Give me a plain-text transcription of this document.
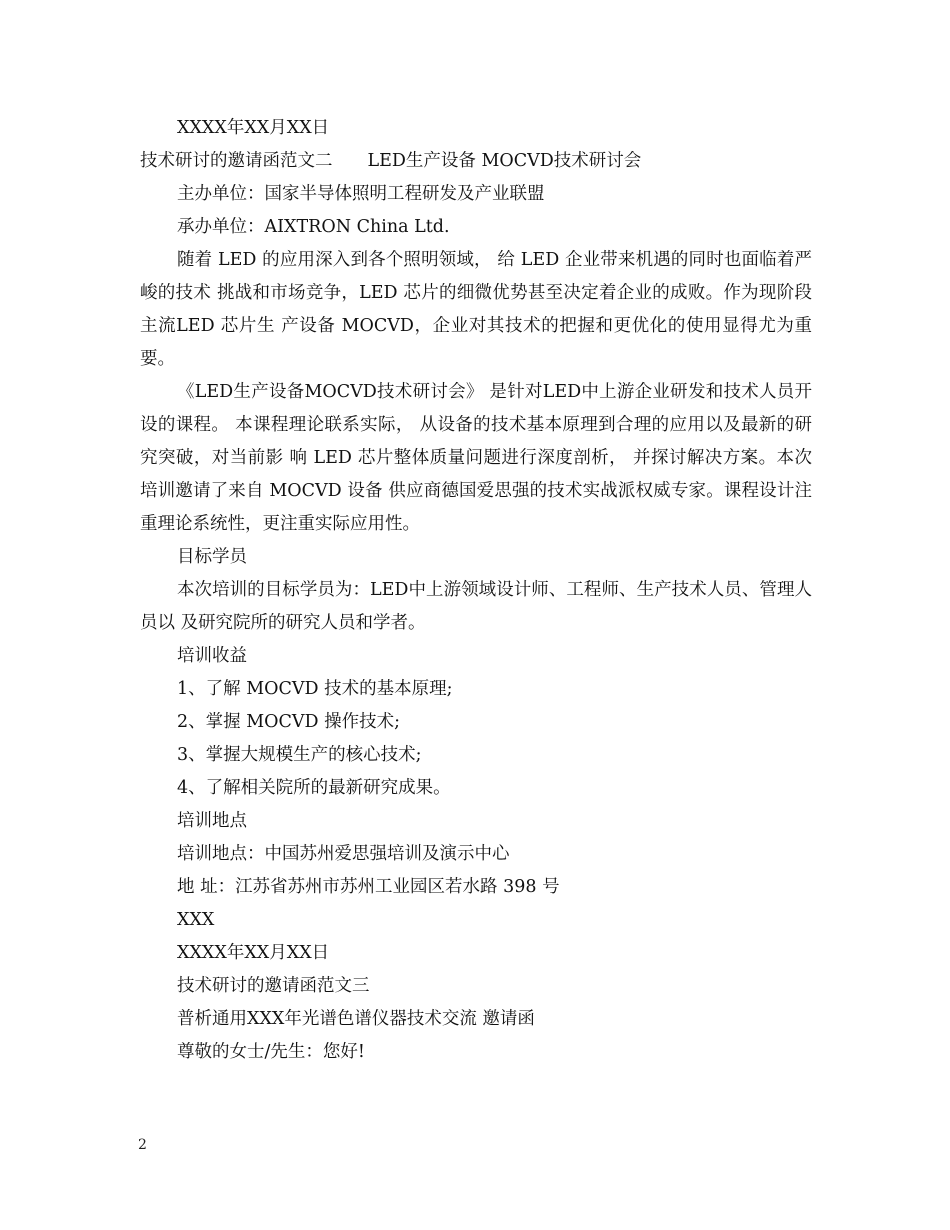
XXXX年XX月XX日

技术研讨的邀请函范文二　　LED生产设备 MOCVD技术研讨会

主办单位：国家半导体照明工程研发及产业联盟

承办单位：AIXTRON China Ltd.

随着 LED 的应用深入到各个照明领域， 给 LED 企业带来机遇的同时也面临着严峻的技术 挑战和市场竞争，LED 芯片的细微优势甚至决定着企业的成败。作为现阶段主流LED 芯片生 产设备 MOCVD，企业对其技术的把握和更优化的使用显得尤为重要。

《LED生产设备MOCVD技术研讨会》 是针对LED中上游企业研发和技术人员开设的课程。 本课程理论联系实际， 从设备的技术基本原理到合理的应用以及最新的研究突破，对当前影 响 LED 芯片整体质量问题进行深度剖析， 并探讨解决方案。本次培训邀请了来自 MOCVD 设备 供应商德国爱思强的技术实战派权威专家。课程设计注重理论系统性，更注重实际应用性。

目标学员

本次培训的目标学员为：LED中上游领域设计师、工程师、生产技术人员、管理人员以 及研究院所的研究人员和学者。

培训收益

1、了解 MOCVD 技术的基本原理;

2、掌握 MOCVD 操作技术;

3、掌握大规模生产的核心技术;

4、了解相关院所的最新研究成果。

培训地点

培训地点：中国苏州爱思强培训及演示中心

地 址：江苏省苏州市苏州工业园区若水路 398 号

XXX

XXXX年XX月XX日

技术研讨的邀请函范文三

普析通用XXX年光谱色谱仪器技术交流 邀请函

尊敬的女士/先生：您好!

2
